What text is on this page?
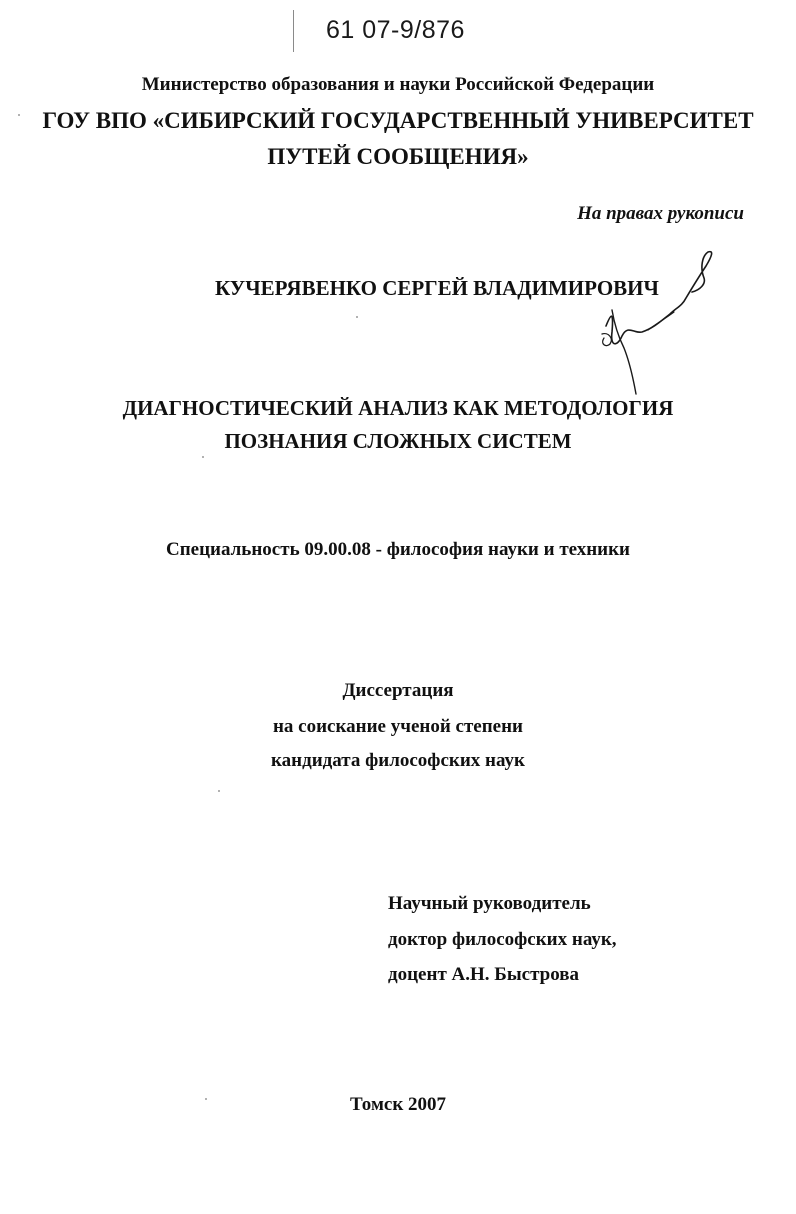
61 07-9/876
Министерство образования и науки Российской Федерации
ГОУ ВПО «СИБИРСКИЙ ГОСУДАРСТВЕННЫЙ УНИВЕРСИТЕТ
ПУТЕЙ СООБЩЕНИЯ»
На правах рукописи
КУЧЕРЯВЕНКО СЕРГЕЙ ВЛАДИМИРОВИЧ
ДИАГНОСТИЧЕСКИЙ АНАЛИЗ КАК МЕТОДОЛОГИЯ
ПОЗНАНИЯ СЛОЖНЫХ СИСТЕМ
Специальность 09.00.08 - философия науки и техники
Диссертация
на соискание ученой степени
кандидата философских наук
Научный руководитель
доктор философских наук,
доцент А.Н. Быстрова
Томск 2007
